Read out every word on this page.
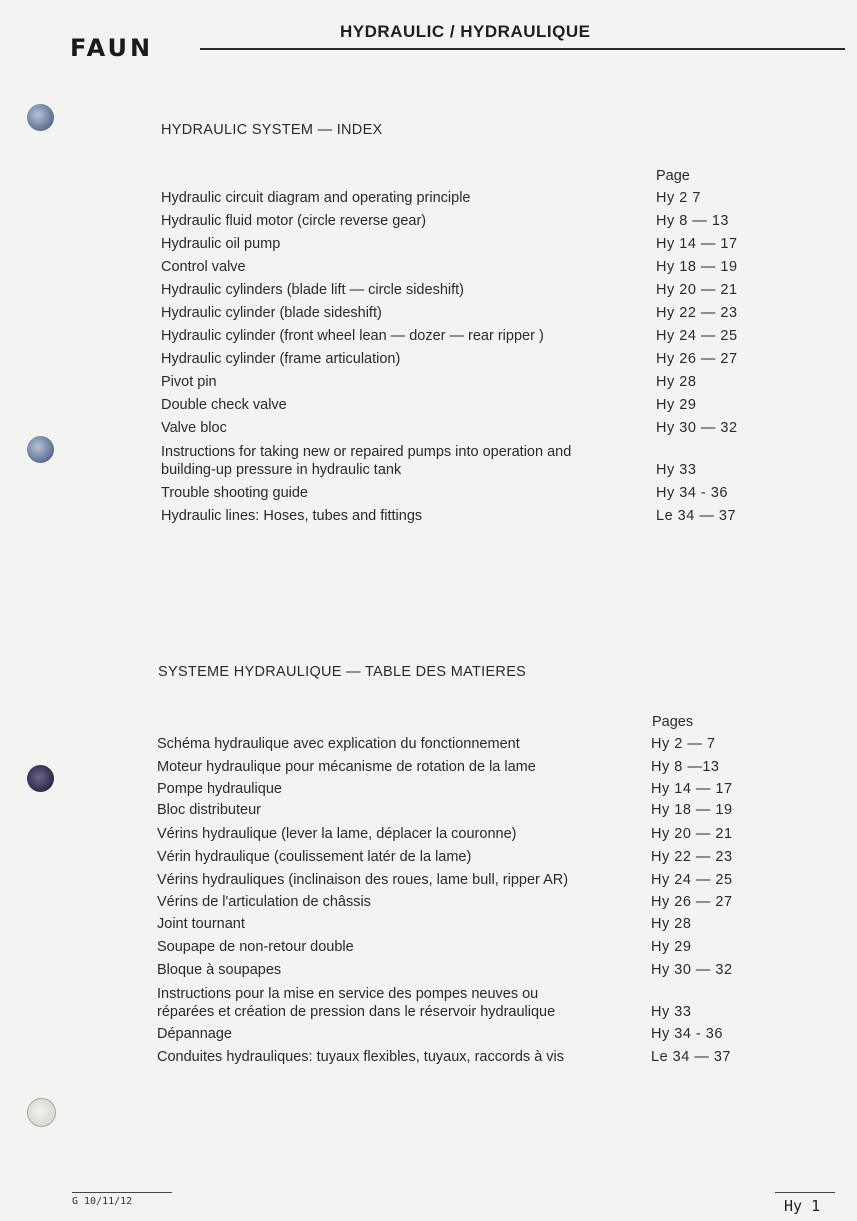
FAUN
HYDRAULIC / HYDRAULIQUE
HYDRAULIC SYSTEM — INDEX
Page
Hydraulic circuit diagram and operating principle	Hy 2 7
Hydraulic fluid motor (circle reverse gear)	Hy 8 — 13
Hydraulic oil pump	Hy 14 — 17
Control valve	Hy 18 — 19
Hydraulic cylinders (blade lift — circle sideshift)	Hy 20 — 21
Hydraulic cylinder (blade sideshift)	Hy 22 — 23
Hydraulic cylinder (front wheel lean — dozer — rear ripper )	Hy 24 — 25
Hydraulic cylinder (frame articulation)	Hy 26 — 27
Pivot pin	Hy 28
Double check valve	Hy 29
Valve bloc	Hy 30 — 32
Instructions for taking new or repaired pumps into operation and
building-up pressure in hydraulic tank	Hy 33
Trouble shooting guide	Hy 34 - 36
Hydraulic lines: Hoses, tubes and fittings	Le 34 — 37
SYSTEME HYDRAULIQUE — TABLE DES MATIERES
Pages
Schéma hydraulique avec explication du fonctionnement	Hy 2 — 7
Moteur hydraulique pour mécanisme de rotation de la lame	Hy 8 —13
Pompe hydraulique	Hy 14 — 17
Bloc distributeur	Hy 18 — 19
Vérins hydraulique (lever la lame, déplacer la couronne)	Hy 20 — 21
Vérin hydraulique (coulissement latér de la lame)	Hy 22 — 23
Vérins hydrauliques (inclinaison des roues, lame bull, ripper AR)	Hy 24 — 25
Vérins de l'articulation de châssis	Hy 26 — 27
Joint tournant	Hy 28
Soupape de non-retour double	Hy 29
Bloque à soupapes	Hy 30 — 32
Instructions pour la mise en service des pompes neuves ou
réparées et création de pression dans le réservoir hydraulique	Hy 33
Dépannage	Hy 34 - 36
Conduites hydrauliques: tuyaux flexibles, tuyaux, raccords à vis	Le 34 — 37
G 10/11/12	Hy 1
